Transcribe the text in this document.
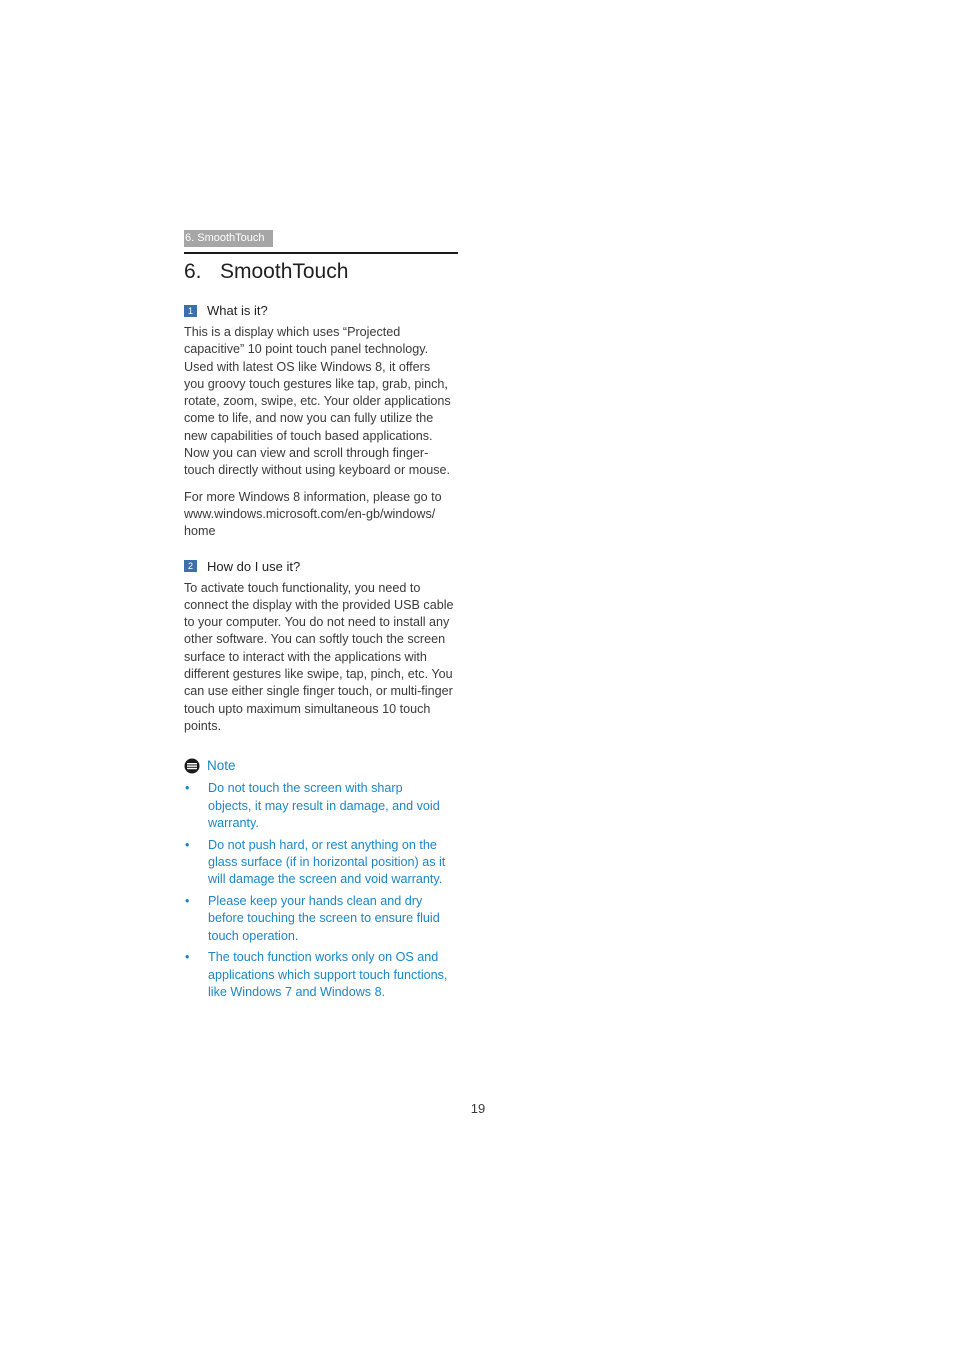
6. SmoothTouch
6. SmoothTouch
1	What is it?

This is a display which uses “Projected
capacitive” 10 point touch panel technology.
Used with latest OS like Windows 8, it offers
you groovy touch gestures like tap, grab, pinch,
rotate, zoom, swipe, etc. Your older applications
come to life, and now you can fully utilize the
new capabilities of touch based applications.
Now you can view and scroll through finger-
touch directly without using keyboard or mouse.

For more Windows 8 information, please go to
www.windows.microsoft.com/en-gb/windows/
home

2	How do I use it?

To activate touch functionality, you need to
connect the display with the provided USB cable
to your computer. You do not need to install any
other software. You can softly touch the screen
surface to interact with the applications with
different gestures like swipe, tap, pinch, etc. You
can use either single finger touch, or multi-finger
touch upto maximum simultaneous 10 touch
points.

Note
•	Do not touch the screen with sharp
objects, it may result in damage, and void
warranty.
•	Do not push hard, or rest anything on the
glass surface (if in horizontal position) as it
will damage the screen and void warranty.
•	Please keep your hands clean and dry
before touching the screen to ensure fluid
touch operation.
•	The touch function works only on OS and
applications which support touch functions,
like Windows 7 and Windows 8.
19
